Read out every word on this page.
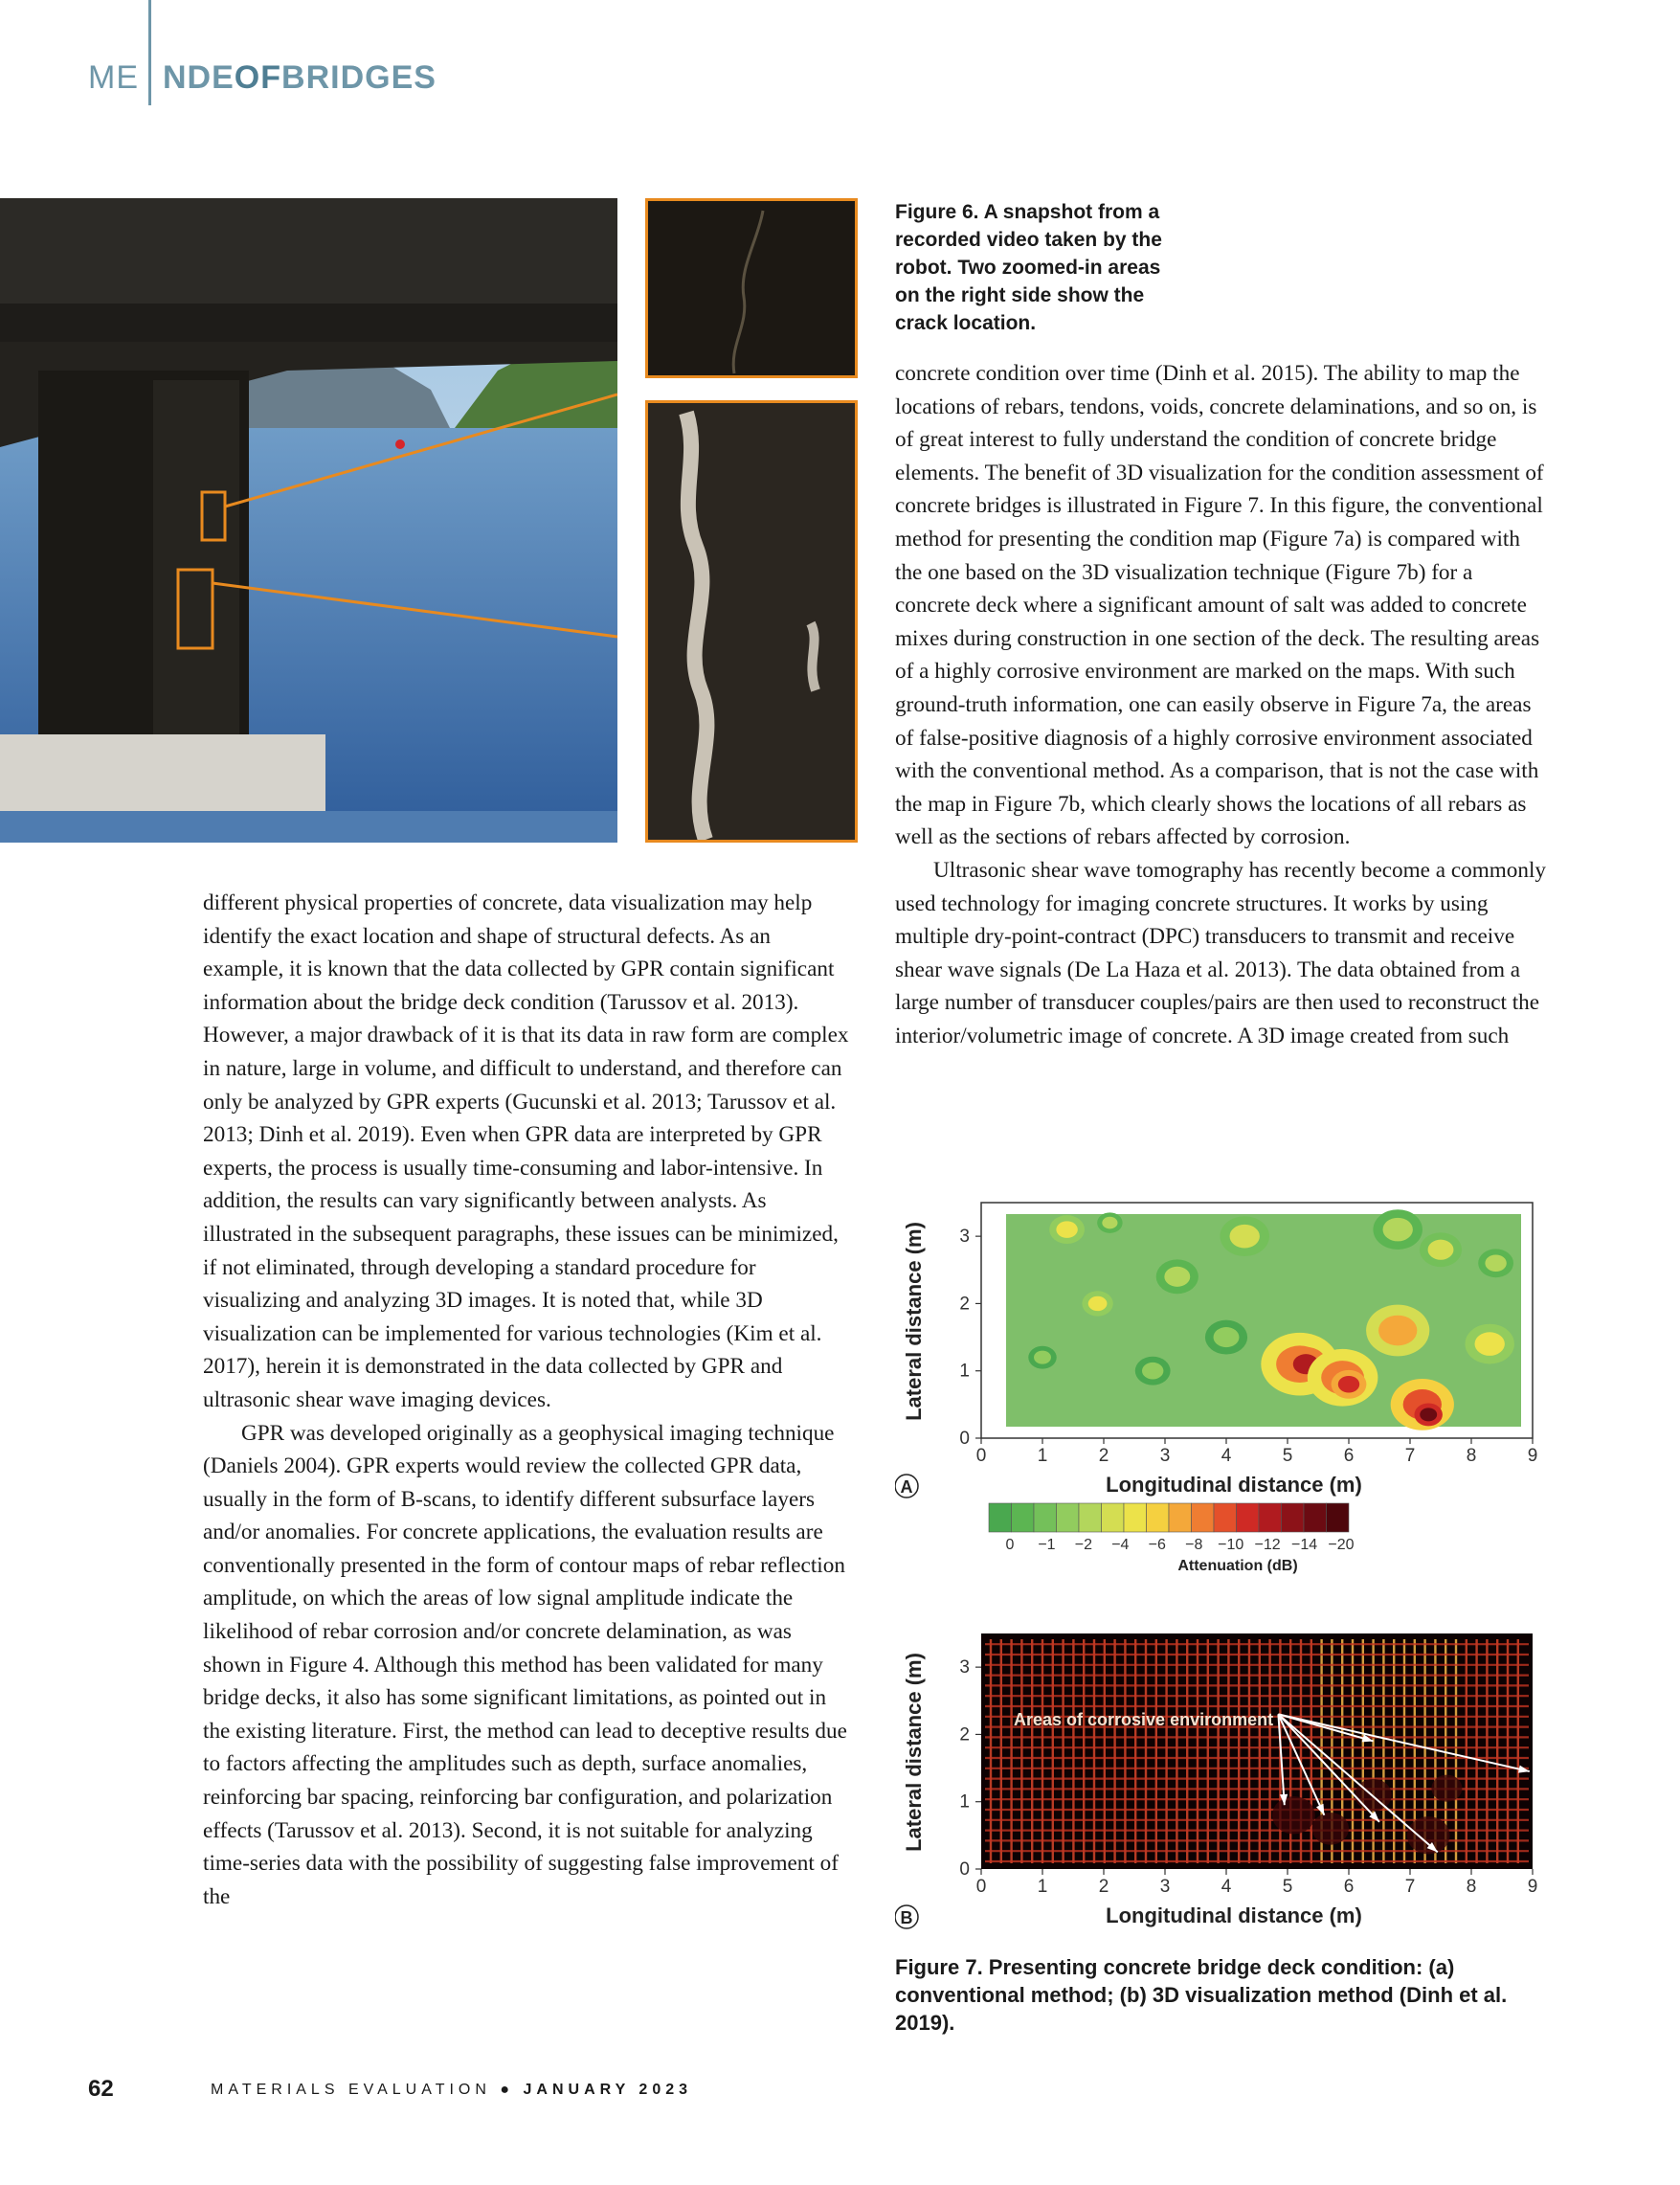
ME NDEOFBRIDGES
Figure 6. A snapshot from a recorded video taken by the robot. Two zoomed-in areas on the right side show the crack location.

different physical properties of concrete, data visualization may help identify the exact location and shape of structural defects. As an example, it is known that the data collected by GPR contain significant information about the bridge deck condition (Tarussov et al. 2013). However, a major drawback of it is that its data in raw form are complex in nature, large in volume, and difficult to understand, and therefore can only be analyzed by GPR experts (Gucunski et al. 2013; Tarussov et al. 2013; Dinh et al. 2019). Even when GPR data are interpreted by GPR experts, the process is usually time-consuming and labor-intensive. In addition, the results can vary significantly between analysts. As illustrated in the subsequent paragraphs, these issues can be minimized, if not eliminated, through developing a standard procedure for visualizing and analyzing 3D images. It is noted that, while 3D visualization can be implemented for various technologies (Kim et al. 2017), herein it is demonstrated in the data collected by GPR and ultrasonic shear wave imaging devices.

GPR was developed originally as a geophysical imaging technique (Daniels 2004). GPR experts would review the collected GPR data, usually in the form of B-scans, to identify different subsurface layers and/or anomalies. For concrete applications, the evaluation results are conventionally presented in the form of contour maps of rebar reflection amplitude, on which the areas of low signal amplitude indicate the likelihood of rebar corrosion and/or concrete delamination, as was shown in Figure 4. Although this method has been validated for many bridge decks, it also has some significant limitations, as pointed out in the existing literature. First, the method can lead to deceptive results due to factors affecting the amplitudes such as depth, surface anomalies, reinforcing bar spacing, reinforcing bar configuration, and polarization effects (Tarussov et al. 2013). Second, it is not suitable for analyzing time-series data with the possibility of suggesting false improvement of the

concrete condition over time (Dinh et al. 2015). The ability to map the locations of rebars, tendons, voids, concrete delaminations, and so on, is of great interest to fully understand the condition of concrete bridge elements. The benefit of 3D visualization for the condition assessment of concrete bridges is illustrated in Figure 7. In this figure, the conventional method for presenting the condition map (Figure 7a) is compared with the one based on the 3D visualization technique (Figure 7b) for a concrete deck where a significant amount of salt was added to concrete mixes during construction in one section of the deck. The resulting areas of a highly corrosive environment are marked on the maps. With such ground-truth information, one can easily observe in Figure 7a, the areas of false-positive diagnosis of a highly corrosive environment associated with the conventional method. As a comparison, that is not the case with the map in Figure 7b, which clearly shows the locations of all rebars as well as the sections of rebars affected by corrosion.

Ultrasonic shear wave tomography has recently become a commonly used technology for imaging concrete structures. It works by using multiple dry-point-contract (DPC) transducers to transmit and receive shear wave signals (De La Haza et al. 2013). The data obtained from a large number of transducer couples/pairs are then used to reconstruct the interior/volumetric image of concrete. A 3D image created from such

0	1	2	3	4	5	6	7	8	9
0
1
2
3
Longitudinal distance (m)
Lateral distance (m)
A
0 −1 −2 −4 −6 −8 −10 −12 −14 −20
Attenuation (dB)
0	1	2	3	4	5	6	7	8	9
0
1
2
3
Longitudinal distance (m)
Lateral distance (m)
B
Areas of corrosive environment
Figure 7. Presenting concrete bridge deck condition: (a) conventional method; (b) 3D visualization method (Dinh et al. 2019).
62	MATERIALS EVALUATION ● JANUARY 2023
